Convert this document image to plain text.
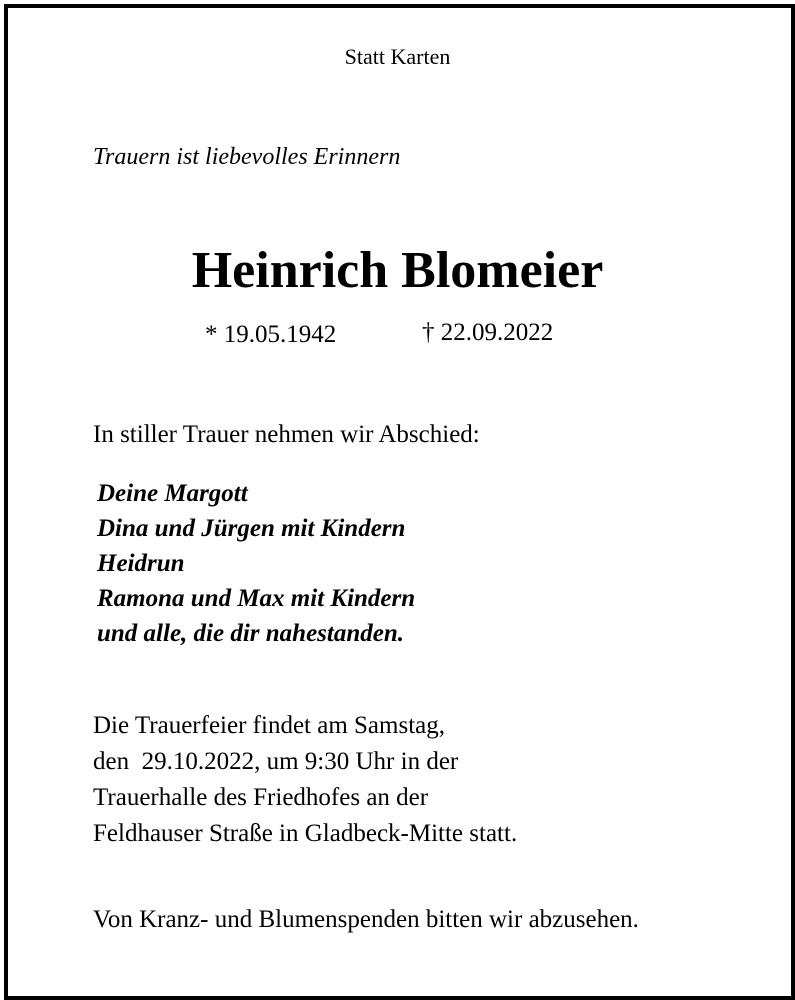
Statt Karten
Trauern ist liebevolles Erinnern
Heinrich Blomeier
* 19.05.1942	† 22.09.2022
In stiller Trauer nehmen wir Abschied:
Deine Margott
Dina und Jürgen mit Kindern
Heidrun
Ramona und Max mit Kindern
und alle, die dir nahestanden.
Die Trauerfeier findet am Samstag,
den  29.10.2022, um 9:30 Uhr in der
Trauerhalle des Friedhofes an der
Feldhauser Straße in Gladbeck-Mitte statt.
Von Kranz- und Blumenspenden bitten wir abzusehen.
